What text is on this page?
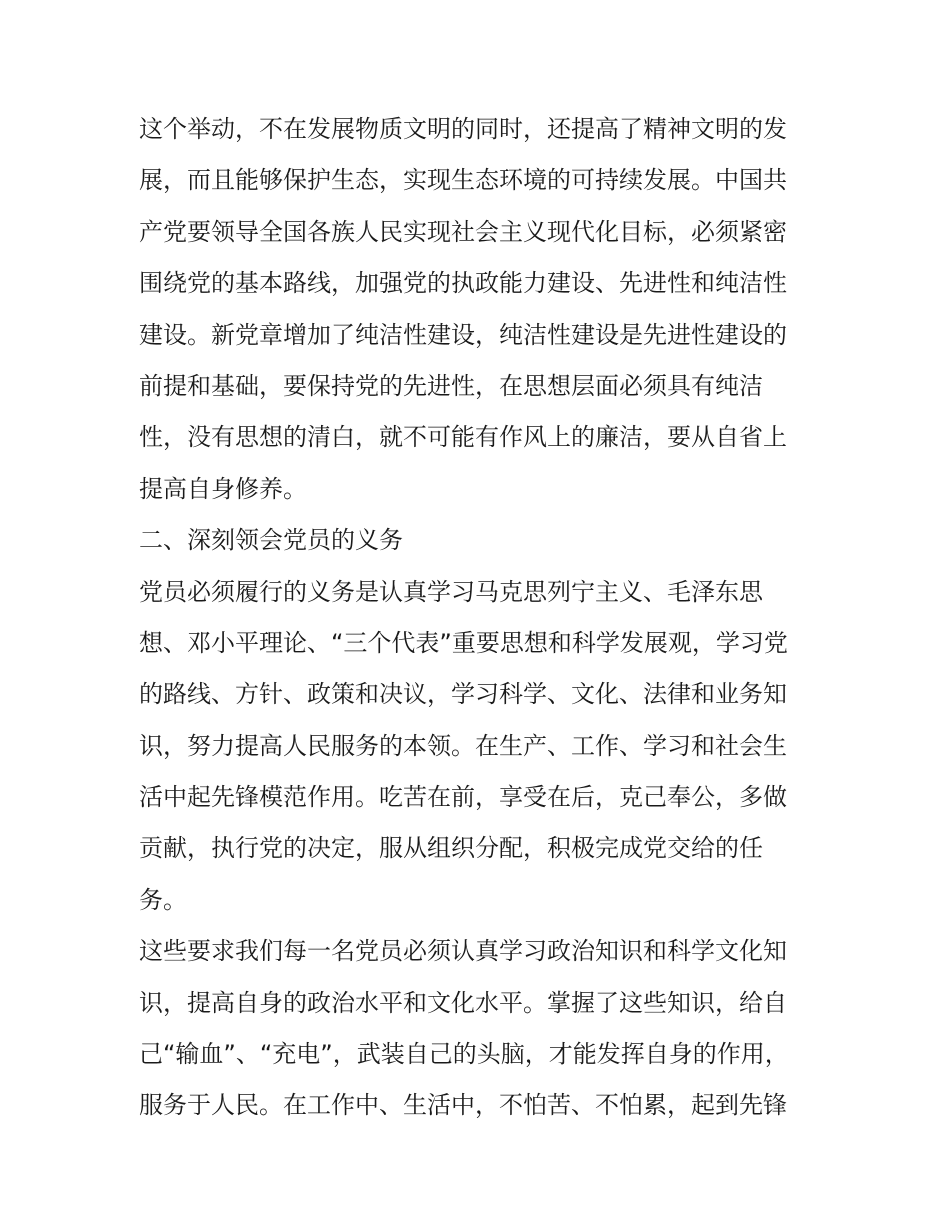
这个举动，不在发展物质文明的同时，还提高了精神文明的发
展，而且能够保护生态，实现生态环境的可持续发展。中国共
产党要领导全国各族人民实现社会主义现代化目标，必须紧密
围绕党的基本路线，加强党的执政能力建设、先进性和纯洁性
建设。新党章增加了纯洁性建设，纯洁性建设是先进性建设的
前提和基础，要保持党的先进性，在思想层面必须具有纯洁
性，没有思想的清白，就不可能有作风上的廉洁，要从自省上
提高自身修养。
二、深刻领会党员的义务
党员必须履行的义务是认真学习马克思列宁主义、毛泽东思
想、邓小平理论、“三个代表”重要思想和科学发展观，学习党
的路线、方针、政策和决议，学习科学、文化、法律和业务知
识，努力提高人民服务的本领。在生产、工作、学习和社会生
活中起先锋模范作用。吃苦在前，享受在后，克己奉公，多做
贡献，执行党的决定，服从组织分配，积极完成党交给的任
务。
这些要求我们每一名党员必须认真学习政治知识和科学文化知
识，提高自身的政治水平和文化水平。掌握了这些知识，给自
己“输血”、“充电”，武装自己的头脑，才能发挥自身的作用，
服务于人民。在工作中、生活中，不怕苦、不怕累，起到先锋
